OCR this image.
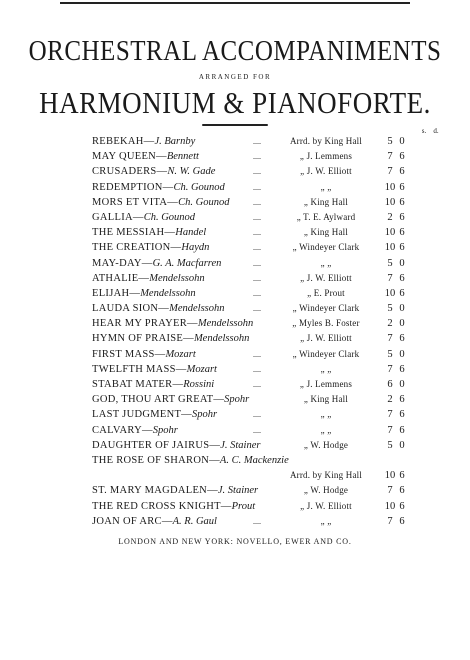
ORCHESTRAL ACCOMPANIMENTS
ARRANGED FOR
HARMONIUM & PIANOFORTE.
s. d.
REBEKAH—J. Barnby	....	Arrd. by King Hall	5 0
MAY QUEEN—Bennett	....	„ J. Lemmens	7 6
CRUSADERS—N. W. Gade	....	„ J. W. Elliott	7 6
REDEMPTION—Ch. Gounod	....	„ „	10 6
MORS ET VITA—Ch. Gounod	....	„ King Hall	10 6
GALLIA—Ch. Gounod	....	„ T. E. Aylward	2 6
THE MESSIAH—Handel	....	„ King Hall	10 6
THE CREATION—Haydn	....	„ Windeyer Clark	10 6
MAY-DAY—G. A. Macfarren	....	„ „	5 0
ATHALIE—Mendelssohn	....	„ J. W. Elliott	7 6
ELIJAH—Mendelssohn	....	„ E. Prout	10 6
LAUDA SION—Mendelssohn	....	„ Windeyer Clark	5 0
HEAR MY PRAYER—Mendelssohn	„ Myles B. Foster	2 0
HYMN OF PRAISE—Mendelssohn	„ J. W. Elliott	7 6
FIRST MASS—Mozart	....	„ Windeyer Clark	5 0
TWELFTH MASS—Mozart	....	„ „	7 6
STABAT MATER—Rossini	....	„ J. Lemmens	6 0
GOD, THOU ART GREAT—Spohr	„ King Hall	2 6
LAST JUDGMENT—Spohr	....	„ „	7 6
CALVARY—Spohr	....	„ „	7 6
DAUGHTER OF JAIRUS—J. Stainer	„ W. Hodge	5 0
THE ROSE OF SHARON—A. C. Mackenzie
Arrd. by King Hall	10 6
ST. MARY MAGDALEN—J. Stainer	„ W. Hodge	7 6
THE RED CROSS KNIGHT—Prout	„ J. W. Elliott	10 6
JOAN OF ARC—A. R. Gaul	....	„ „	7 6
LONDON AND NEW YORK: NOVELLO, EWER AND CO.
